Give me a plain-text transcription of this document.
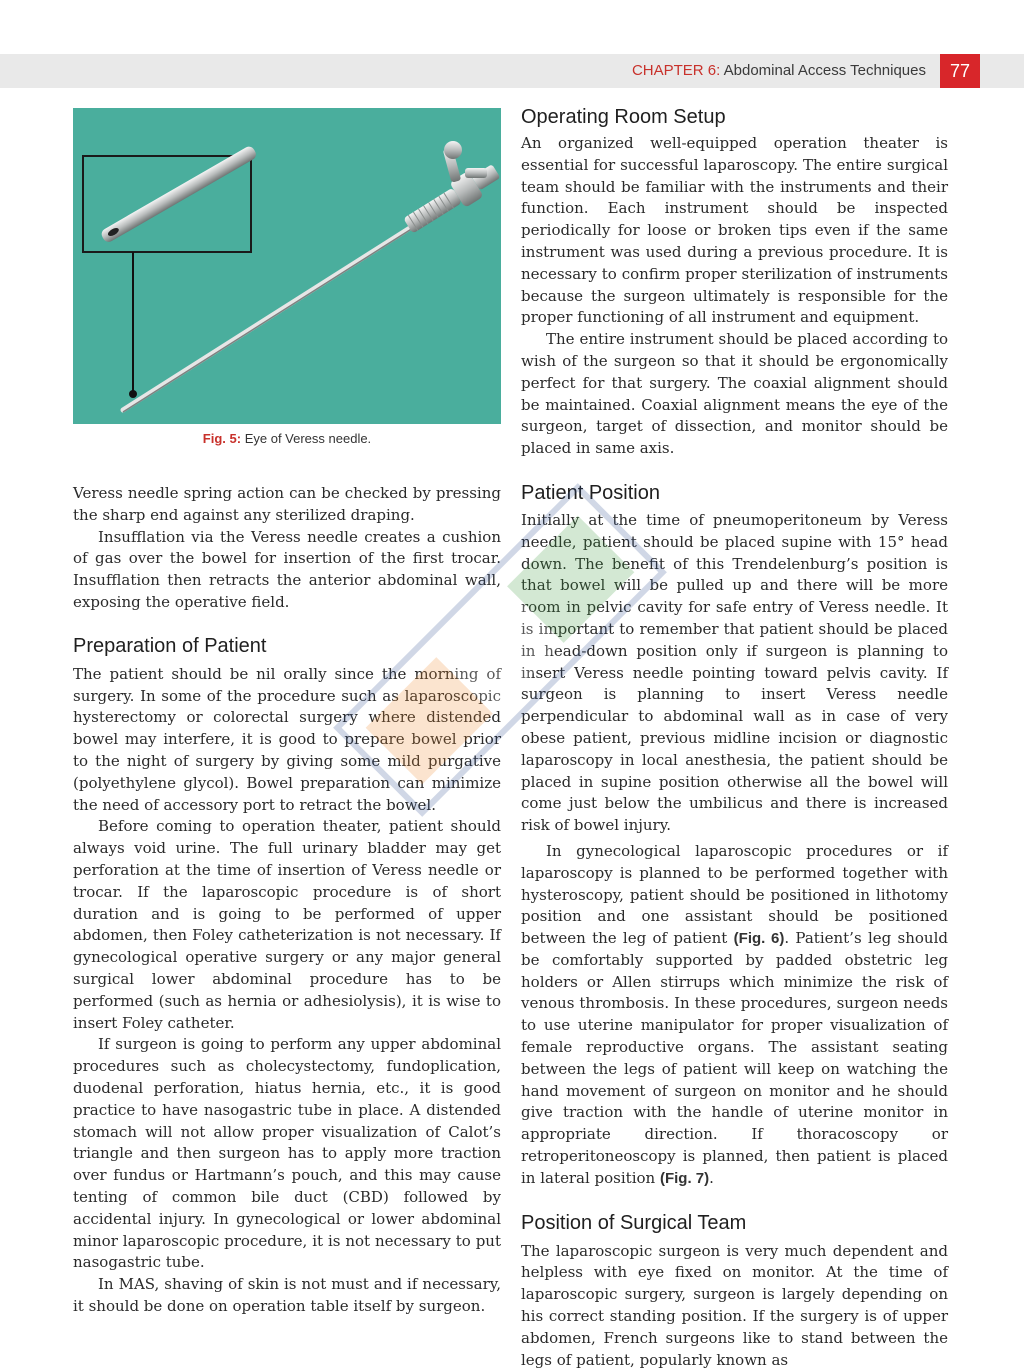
CHAPTER 6: Abdominal Access Techniques	77
Fig. 5: Eye of Veress needle.

Veress needle spring action can be checked by pressing the sharp end against any sterilized draping.

Insufflation via the Veress needle creates a cushion of gas over the bowel for insertion of the first trocar. Insufflation then retracts the anterior abdominal wall, exposing the operative field.

Preparation of Patient

The patient should be nil orally since the morning of surgery. In some of the procedure such as laparoscopic hysterectomy or colorectal surgery where distended bowel may interfere, it is good to prepare bowel prior to the night of surgery by giving some mild purgative (polyethylene glycol). Bowel preparation can minimize the need of accessory port to retract the bowel.

Before coming to operation theater, patient should always void urine. The full urinary bladder may get perforation at the time of insertion of Veress needle or trocar. If the laparoscopic procedure is of short duration and is going to be performed of upper abdomen, then Foley catheterization is not necessary. If gynecological operative surgery or any major general surgical lower abdominal procedure has to be performed (such as hernia or adhesiolysis), it is wise to insert Foley catheter.

If surgeon is going to perform any upper abdominal procedures such as cholecystectomy, fundoplication, duodenal perforation, hiatus hernia, etc., it is good practice to have nasogastric tube in place. A distended stomach will not allow proper visualization of Calot’s triangle and then surgeon has to apply more traction over fundus or Hartmann’s pouch, and this may cause tenting of common bile duct (CBD) followed by accidental injury. In gynecological or lower abdominal minor laparoscopic procedure, it is not necessary to put nasogastric tube.

In MAS, shaving of skin is not must and if necessary, it should be done on operation table itself by surgeon.

Operating Room Setup

An organized well-equipped operation theater is essential for successful laparoscopy. The entire surgical team should be familiar with the instruments and their function. Each instrument should be inspected periodically for loose or broken tips even if the same instrument was used during a previous procedure. It is necessary to confirm proper sterilization of instruments because the surgeon ultimately is responsible for the proper functioning of all instrument and equipment.

The entire instrument should be placed according to wish of the surgeon so that it should be ergonomically perfect for that surgery. The coaxial alignment should be maintained. Coaxial alignment means the eye of the surgeon, target of dissection, and monitor should be placed in same axis.

Patient Position

Initially at the time of pneumoperitoneum by Veress needle, patient should be placed supine with 15° head down. The benefit of this Trendelenburg’s position is that bowel will be pulled up and there will be more room in pelvic cavity for safe entry of Veress needle. It is important to remember that patient should be placed in head-down position only if surgeon is planning to insert Veress needle pointing toward pelvis cavity. If surgeon is planning to insert Veress needle perpendicular to abdominal wall as in case of very obese patient, previous midline incision or diagnostic laparoscopy in local anesthesia, the patient should be placed in supine position otherwise all the bowel will come just below the umbilicus and there is increased risk of bowel injury.

In gynecological laparoscopic procedures or if laparoscopy is planned to be performed together with hysteroscopy, patient should be positioned in lithotomy position and one assistant should be positioned between the leg of patient (Fig. 6). Patient’s leg should be comfortably supported by padded obstetric leg holders or Allen stirrups which minimize the risk of venous thrombosis. In these procedures, surgeon needs to use uterine manipulator for proper visualization of female reproductive organs. The assistant seating between the legs of patient will keep on watching the hand movement of surgeon on monitor and he should give traction with the handle of uterine monitor in appropriate direction. If thoracoscopy or retroperitoneoscopy is planned, then patient is placed in lateral position (Fig. 7).

Position of Surgical Team

The laparoscopic surgeon is very much dependent and helpless with eye fixed on monitor. At the time of laparoscopic surgery, surgeon is largely depending on his correct standing position. If the surgery is of upper abdomen, French surgeons like to stand between the legs of patient, popularly known as
